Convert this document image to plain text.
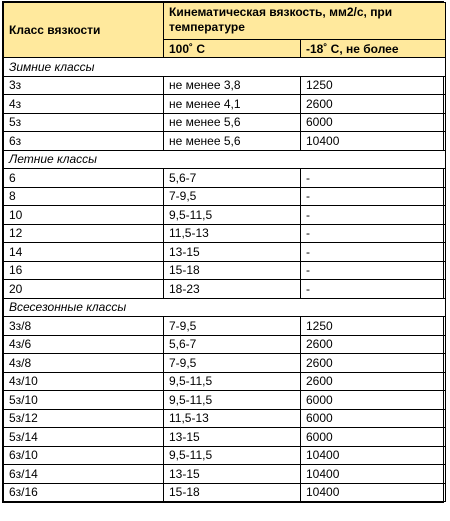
Класс вязкости	Кинематическая вязкость, мм2/с, при температуре	
	100˚ С	-18˚ С, не более
Зимние классы		
3з	не менее 3,8	1250
4з	не менее 4,1	2600
5з	не менее 5,6	6000
6з	не менее 5,6	10400
Летние классы		
6	5,6-7	-
8	7-9,5	-
10	9,5-11,5	-
12	11,5-13	-
14	13-15	-
16	15-18	-
20	18-23	-
Всесезонные классы		
3з/8	7-9,5	1250
4з/6	5,6-7	2600
4з/8	7-9,5	2600
4з/10	9,5-11,5	2600
5з/10	9,5-11,5	6000
5з/12	11,5-13	6000
5з/14	13-15	6000
6з/10	9,5-11,5	10400
6з/14	13-15	10400
6з/16	15-18	10400
